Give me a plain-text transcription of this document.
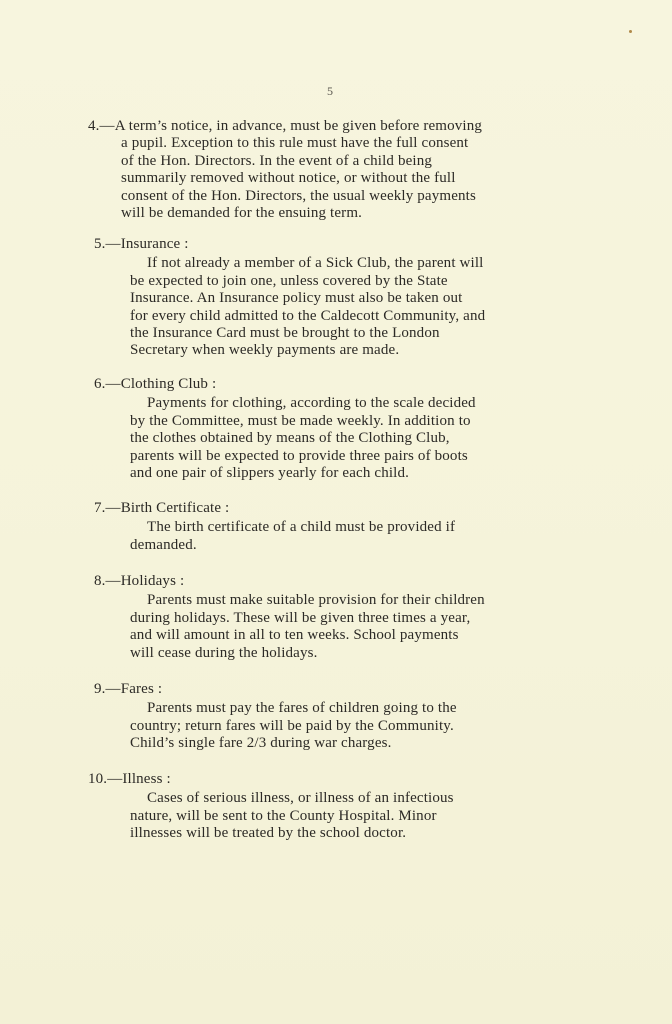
5
4.—A term’s notice, in advance, must be given before removing
a pupil. Exception to this rule must have the full consent
of the Hon. Directors. In the event of a child being
summarily removed without notice, or without the full
consent of the Hon. Directors, the usual weekly payments
will be demanded for the ensuing term.
5.—Insurance :
If not already a member of a Sick Club, the parent will
be expected to join one, unless covered by the State
Insurance. An Insurance policy must also be taken out
for every child admitted to the Caldecott Community, and
the Insurance Card must be brought to the London
Secretary when weekly payments are made.
6.—Clothing Club :
Payments for clothing, according to the scale decided
by the Committee, must be made weekly. In addition to
the clothes obtained by means of the Clothing Club,
parents will be expected to provide three pairs of boots
and one pair of slippers yearly for each child.
7.—Birth Certificate :
The birth certificate of a child must be provided if
demanded.
8.—Holidays :
Parents must make suitable provision for their children
during holidays. These will be given three times a year,
and will amount in all to ten weeks. School payments
will cease during the holidays.
9.—Fares :
Parents must pay the fares of children going to the
country; return fares will be paid by the Community.
Child’s single fare 2/3 during war charges.
10.—Illness :
Cases of serious illness, or illness of an infectious
nature, will be sent to the County Hospital. Minor
illnesses will be treated by the school doctor.
